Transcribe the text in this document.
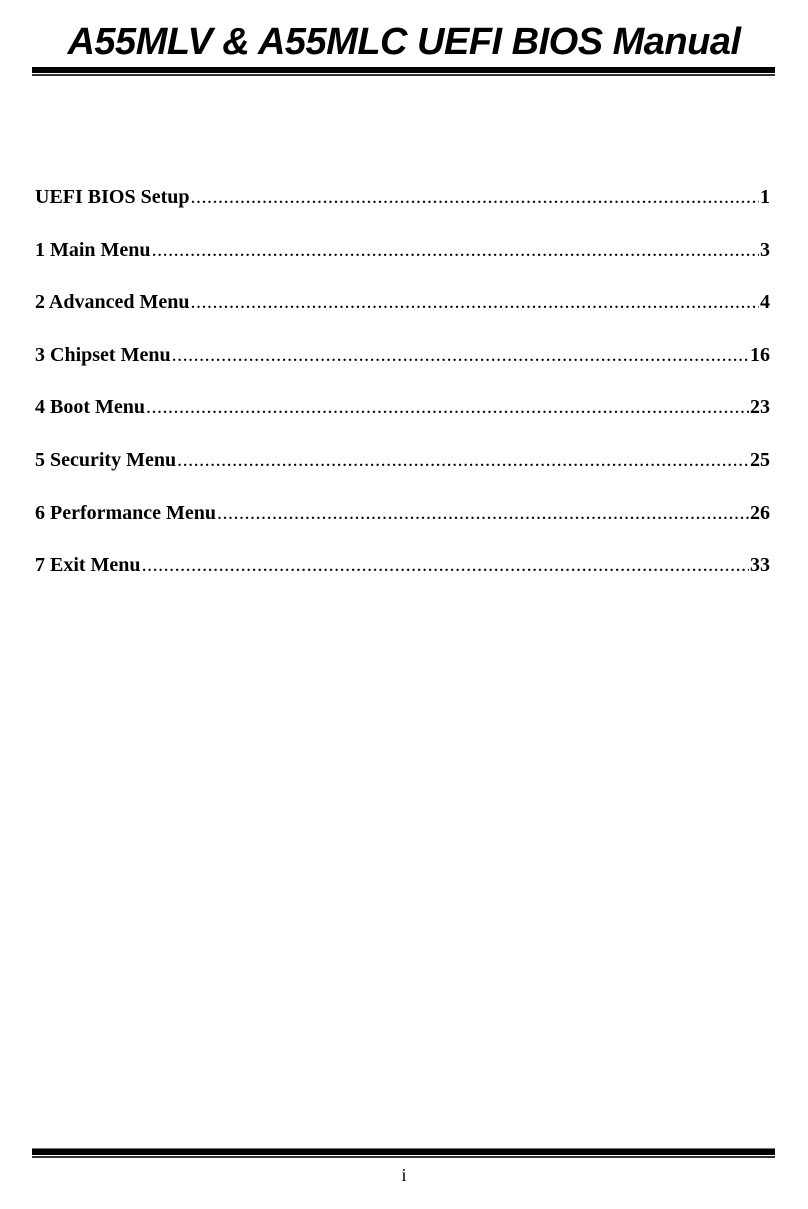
A55MLV & A55MLC UEFI BIOS Manual
UEFI BIOS Setup .....	1
1 Main Menu .....	3
2 Advanced Menu .....	4
3 Chipset Menu .....	16
4 Boot Menu .....	23
5 Security Menu .....	25
6 Performance Menu .....	26
7 Exit Menu .....	33
i
